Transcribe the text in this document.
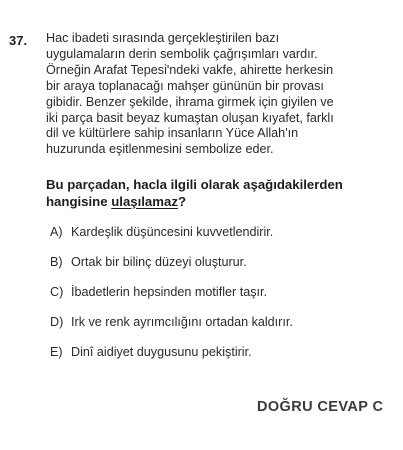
37. Hac ibadeti sırasında gerçekleştirilen bazı
uygulamaların derin sembolik çağrışımları vardır.
Örneğin Arafat Tepesi'ndeki vakfe, ahirette herkesin
bir araya toplanacağı mahşer gününün bir provası
gibidir. Benzer şekilde, ihrama girmek için giyilen ve
iki parça basit beyaz kumaştan oluşan kıyafet, farklı
dil ve kültürlere sahip insanların Yüce Allah'ın
huzurunda eşitlenmesini sembolize eder.
Bu parçadan, hacla ilgili olarak aşağıdakilerden
hangisine ulaşılamaz?
A) Kardeşlik düşüncesini kuvvetlendirir.
B) Ortak bir bilinç düzeyi oluşturur.
C) İbadetlerin hepsinden motifler taşır.
D) Irk ve renk ayrımcılığını ortadan kaldırır.
E) Dinî aidiyet duygusunu pekiştirir.
DOĞRU CEVAP C
